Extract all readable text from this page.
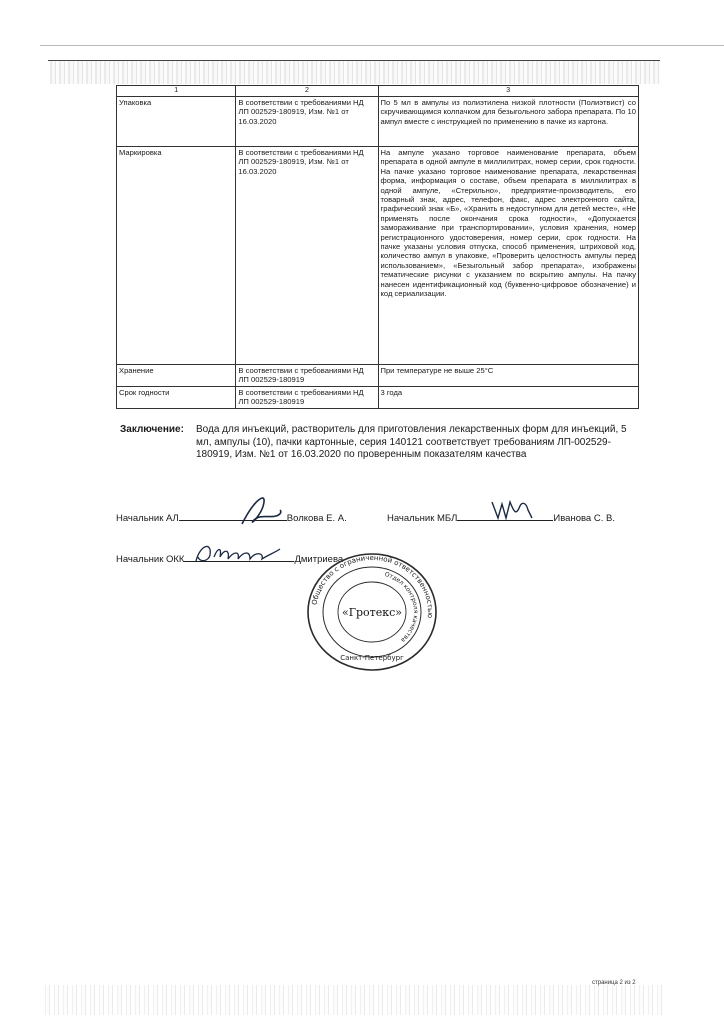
1	2	3
Упаковка	В соответствии с требованиями НД ЛП 002529-180919, Изм. №1 от 16.03.2020	По 5 мл в ампулы из полиэтилена низкой плотности (Полиэтвист) со скручивающимся колпачком для безыгольного забора препарата. По 10 ампул вместе с инструкцией по применению в пачке из картона.
Маркировка	В соответствии с требованиями НД ЛП 002529-180919, Изм. №1 от 16.03.2020	На ампуле указано торговое наименование препарата, объем препарата в одной ампуле в миллилитрах, номер серии, срок годности. На пачке указано торговое наименование препарата, лекарственная форма, информация о составе, объем препарата в миллилитрах в одной ампуле, «Стерильно», предприятие-производитель, его товарный знак, адрес, телефон, факс, адрес электронного сайта, графический знак «Б», «Хранить в недоступном для детей месте», «Не применять после окончания срока годности», «Допускается замораживание при транспортировании», условия хранения, номер регистрационного удостоверения, номер серии, срок годности. На пачке указаны условия отпуска, способ применения, штриховой код, количество ампул в упаковке, «Проверить целостность ампулы перед использованием», «Безыгольный забор препарата», изображены тематические рисунки с указанием по вскрытию ампулы. На пачку нанесен идентификационный код (буквенно-цифровое обозначение) и код сериализации.
Хранение	В соответствии с требованиями НД ЛП 002529-180919	При температуре не выше 25°С
Срок годности	В соответствии с требованиями НД ЛП 002529-180919	3 года
Заключение: Вода для инъекций, растворитель для приготовления лекарственных форм для инъекций, 5 мл, ампулы (10), пачки картонные, серия 140121 соответствует требованиям ЛП-002529-180919, Изм. №1 от 16.03.2020 по проверенным показателям качества
Начальник АЛ	Волкова Е. А.	Начальник МБЛ	Иванова С. В.
Начальник ОКК	Дмитриева
Общество с ограниченной ответственностью
Отдел контроля качества
Санкт-Петербург
«Гротекс»
страница 2 из 2
